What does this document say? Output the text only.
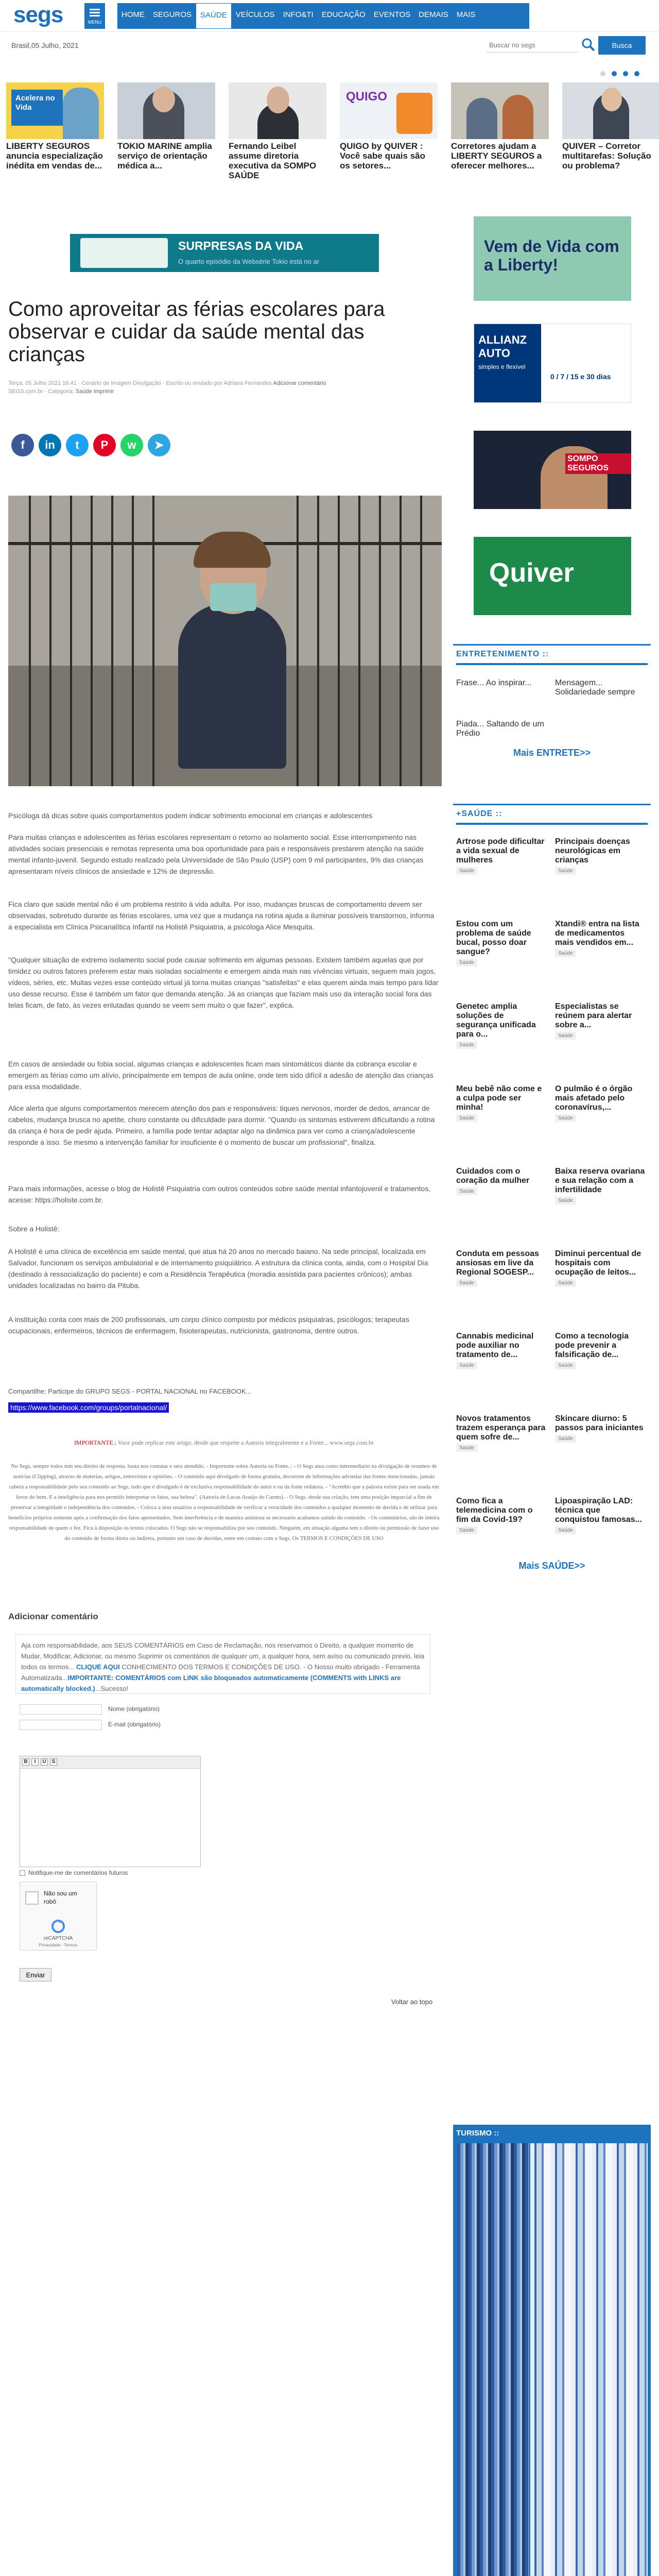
segs	MENU
HOME	SEGUROS	SAÚDE	VEÍCULOS	INFO&TI	EDUCAÇÃO	EVENTOS	DEMAIS	MAIS
Brasil,05 Julho, 2021
Buscar no segs	Busca
Acelera no Vida
LIBERTY SEGUROS anuncia especialização inédita em vendas de...
TOKIO MARINE amplia serviço de orientação médica a...
Fernando Leibel assume diretoria executiva da SOMPO SAÚDE
QUIGO
QUIGO by QUIVER : Você sabe quais são os setores...
Corretores ajudam a LIBERTY SEGUROS a oferecer melhores...
QUIVER – Corretor multitarefas: Solução ou problema?
SURPRESAS DA VIDA
O quarto episódio da Websérie Tokio está no ar
Como aproveitar as férias escolares para observar e cuidar da saúde mental das crianças
Terça, 05 Julho 2021 16:41 · Cenário de Imagem Divulgação · Escrito ou enviado por Adriana Fernandes Adicionar comentário
SEGS.com.br - Categoria: Saúde Imprimir
f	in	t	P	w	➤

Psicóloga dá dicas sobre quais comportamentos podem indicar sofrimento emocional em crianças e adolescentes

Para muitas crianças e adolescentes as férias escolares representam o retorno ao isolamento social. Esse interrompimento nas atividades sociais presenciais e remotas representa uma boa oportunidade para pais e responsáveis prestarem atenção na saúde mental infanto-juvenil. Segundo estudo realizado pela Universidade de São Paulo (USP) com 9 mil participantes, 9% das crianças apresentaram níveis clínicos de ansiedade e 12% de depressão.

Fica claro que saúde mental não é um problema restrito à vida adulta. Por isso, mudanças bruscas de comportamento devem ser observadas, sobretudo durante as férias escolares, uma vez que a mudança na rotina ajuda a iluminar possíveis transtornos, informa a especialista em Clínica Psicanalítica Infantil na Holistê Psiquiatria, a psicóloga Alice Mesquita.

"Qualquer situação de extremo isolamento social pode causar sofrimento em algumas pessoas. Existem também aquelas que por timidez ou outros fatores preferem estar mais isoladas socialmente e emergem ainda mais nas vivências virtuais, seguem mais jogos, vídeos, séries, etc. Muitas vezes esse conteúdo virtual já torna muitas crianças "satisfeitas" e elas querem ainda mais tempo para lidar uso desse recurso. Esse é também um fator que demanda atenção. Já as crianças que faziam mais uso da interação social fora das telas ficam, de fato, às vezes enlutadas quando se veem sem muito o que fazer", explica.

Em casos de ansiedade ou fobia social, algumas crianças e adolescentes ficam mais sintomáticos diante da cobrança escolar e emergem as férias como um alívio, principalmente em tempos de aula online, onde tem sido difícil a adesão de atenção das crianças para essa modalidade.

Alice alerta que alguns comportamentos merecem atenção dos pais e responsáveis: tiques nervosos, morder de dedos, arrancar de cabelos, mudança brusca no apetite, choro constante ou dificuldade para dormir. "Quando os sintomas estiverem dificultando a rotina da criança é hora de pedir ajuda. Primeiro, a família pode tentar adaptar algo na dinâmica para ver como a criança/adolescente responde a isso. Se mesmo a intervenção familiar for insuficiente é o momento de buscar um profissional", finaliza.

Para mais informações, acesse o blog de Holistê Psiquiatria com outros conteúdos sobre saúde mental infantojuvenil e tratamentos, acesse: https://holiste.com.br.

Sobre a Holistê:

A Holistê é uma clínica de excelência em saúde mental, que atua há 20 anos no mercado baiano. Na sede principal, localizada em Salvador, funcionam os serviços ambulatorial e de internamento psiquiátrico. A estrutura da clínica conta, ainda, com o Hospital Dia (destinado à ressocialização do paciente) e com a Residência Terapêutica (moradia assistida para pacientes crônicos); ambas unidades localizadas no bairro da Pituba.

A instituição conta com mais de 200 profissionais, um corpo clínico composto por médicos psiquiatras, psicólogos; terapeutas ocupacionais, enfermeiros, técnicos de enfermagem, fisioterapeutas, nutricionista, gastronoma, dentre outros.

Compartilhe: Participe do GRUPO SEGS - PORTAL NACIONAL no FACEBOOK...
https://www.facebook.com/groups/portalnacional/
IMPORTANTE.: Voce pode replicar este artigo. desde que respeite a Autoria integralmente e a Fonte... www.segs.com.br
No Segs, sempre todos tem seu direito de resposta, basta nos contatar e sera atendido. - Importante sobre Autoria ou Fonte..: - O Segs atua como intermediario na divulgação de resumos de noticias (Clipping), atraves de materias, artigos, entrevistas e opiniões. - O conteúdo aqui divulgado de forma gratuita, decorrem de informações advindas das fontes mencionadas, jamais caberá a responsabilidade pelo seu conteúdo ao Segs, tudo que é divulgado é de exclusiva responsabilidade do autor e ou da fonte redatora. - "Acredito que a palavra existe para ser usada em favor do bem. E a inteligência para nos permitir interpretar os fatos, sua beleza". (Autoria de Lucas Araújo do Carmo). - O Segs, desde sua criação, tem uma posição imparcial a fim de preservar a integridade e independência dos conteúdos. - Coloca a seus usuários a responsabilidade de verificar a veracidade dos conteúdos a qualquer momento de duvida e de utilizar para benefícios próprios somente após a confirmação dos fatos apresentados. Sem interferência e de maneira amistosa se necessario acabamos saindo do conteúdo. - Os comentários, são de inteira responsabilidade de quem o fez. Fica à disposição os textos colocados. O Segs não se responsabiliza por seu conteúdo. Ninguém, em situação alguma tem o direito ou permissão de fazer uso do conteúdo de forma direta ou indireta, portanto em caso de duvidas, entre em contato com o Segs. Os TERMOS E CONDIÇÕES DE USO
Adicionar comentário
Aja com responsabilidade, aos SEUS COMENTÁRIOS em Caso de Reclamação, nos reservamos o Direito, a qualquer momento de Mudar, Modificar, Adicionar, ou mesmo Suprimir os comentários de qualquer um, a qualquer hora, sem aviso ou comunicado previo, leia todos os termos... CLIQUE AQUI CONHECIMENTO DOS TERMOS E CONDIÇÕES DE USO. - O Nosso muito obrigado - Ferramenta Automatizada...IMPORTANTE: COMENTÁRIOS com LINK são bloqueados automaticamente (COMMENTS with LINKS are automatically blocked.)...Sucesso!
Nome (obrigatório)
E-mail (obrigatório)
B	I	U	S
Notifique-me de comentários futuros
Não sou um robô
reCAPTCHA
Privacidade - Termos
Enviar
Voltar ao topo
Vem de Vida com a Liberty!
ALLIANZ AUTO
simples e flexível
0 / 7 / 15 e 30 dias
SOMPO SEGUROS
Quiver
ENTRETENIMENTO ::
Frase... Ao inspirar...	Mensagem... Solidariedade sempre
Piada... Saltando de um Prédio
Mais ENTRETE>>
+SAÚDE ::
Artrose pode dificultar a vida sexual de mulheres
Saúde
Principais doenças neurológicas em crianças
Saúde
Estou com um problema de saúde bucal, posso doar sangue?
Saúde
Xtandi® entra na lista de medicamentos mais vendidos em...
Saúde
Genetec amplia soluções de segurança unificada para o...
Saúde
Especialistas se reúnem para alertar sobre a...
Saúde
Meu bebê não come e a culpa pode ser minha!
Saúde
O pulmão é o órgão mais afetado pelo coronavírus,...
Saúde
Cuidados com o coração da mulher
Saúde
Baixa reserva ovariana e sua relação com a infertilidade
Saúde
Conduta em pessoas ansiosas em live da Regional SOGESP...
Saúde
Diminui percentual de hospitais com ocupação de leitos...
Saúde
Cannabis medicinal pode auxiliar no tratamento de...
Saúde
Como a tecnologia pode prevenir a falsificação de...
Saúde
Novos tratamentos trazem esperança para quem sofre de...
Saúde
Skincare diurno: 5 passos para iniciantes
Saúde
Como fica a telemedicina com o fim da Covid-19?
Saúde
Lipoaspiração LAD: técnica que conquistou famosas...
Saúde
Mais SAÚDE>>
TURISMO ::
